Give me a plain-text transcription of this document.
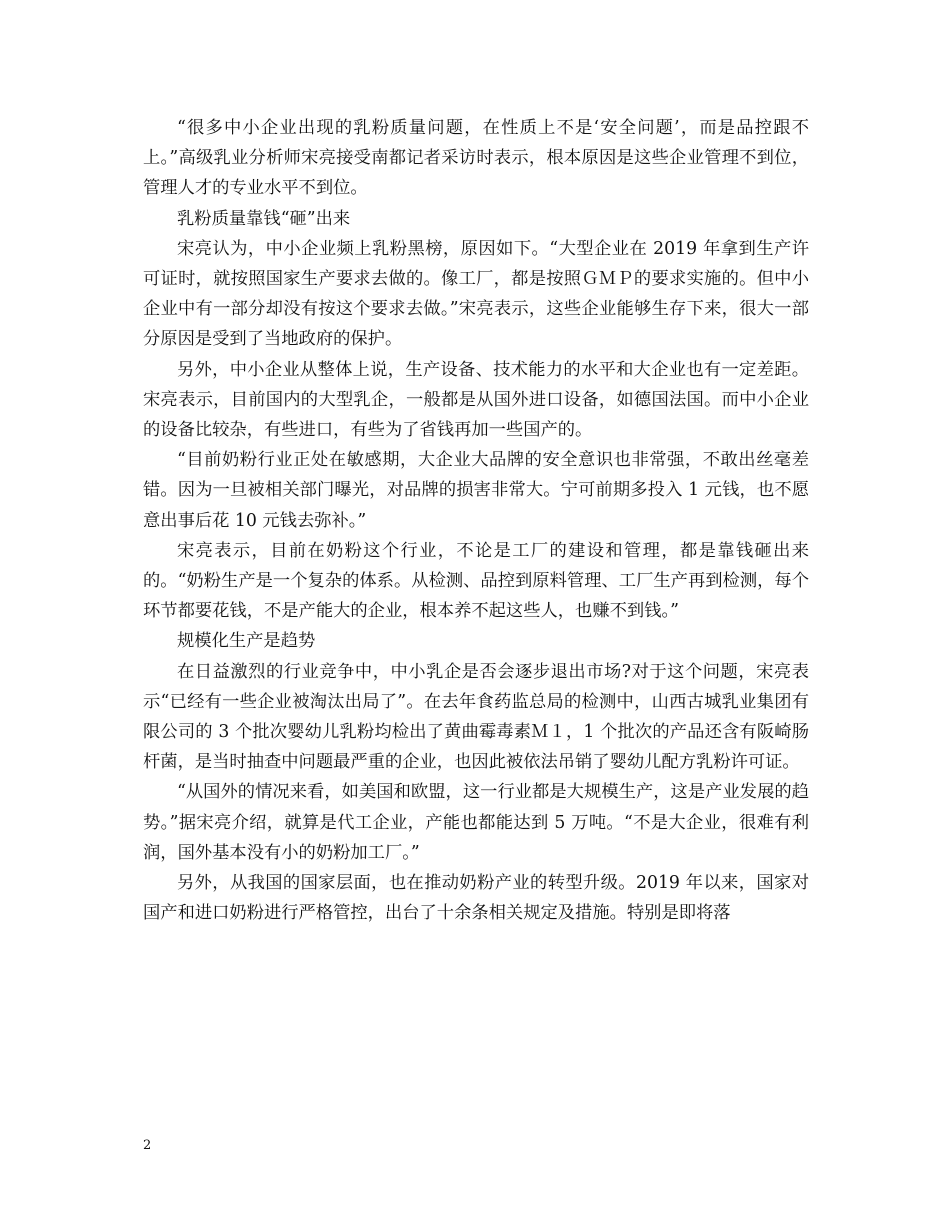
“很多中小企业出现的乳粉质量问题，在性质上不是‘安全问题’，而是品控跟不上。”高级乳业分析师宋亮接受南都记者采访时表示，根本原因是这些企业管理不到位，管理人才的专业水平不到位。

乳粉质量靠钱“砸”出来

宋亮认为，中小企业频上乳粉黑榜，原因如下。“大型企业在 2019 年拿到生产许可证时，就按照国家生产要求去做的。像工厂，都是按照ＧＭＰ的要求实施的。但中小企业中有一部分却没有按这个要求去做。”宋亮表示，这些企业能够生存下来，很大一部分原因是受到了当地政府的保护。

另外，中小企业从整体上说，生产设备、技术能力的水平和大企业也有一定差距。宋亮表示，目前国内的大型乳企，一般都是从国外进口设备，如德国法国。而中小企业的设备比较杂，有些进口，有些为了省钱再加一些国产的。

“目前奶粉行业正处在敏感期，大企业大品牌的安全意识也非常强，不敢出丝毫差错。因为一旦被相关部门曝光，对品牌的损害非常大。宁可前期多投入 1 元钱，也不愿意出事后花 10 元钱去弥补。”

宋亮表示，目前在奶粉这个行业，不论是工厂的建设和管理，都是靠钱砸出来的。“奶粉生产是一个复杂的体系。从检测、品控到原料管理、工厂生产再到检测，每个环节都要花钱，不是产能大的企业，根本养不起这些人，也赚不到钱。”

规模化生产是趋势

在日益激烈的行业竞争中，中小乳企是否会逐步退出市场?对于这个问题，宋亮表示“已经有一些企业被淘汰出局了”。在去年食药监总局的检测中，山西古城乳业集团有限公司的 3 个批次婴幼儿乳粉均检出了黄曲霉毒素Ｍ１，1 个批次的产品还含有阪崎肠杆菌，是当时抽查中问题最严重的企业，也因此被依法吊销了婴幼儿配方乳粉许可证。

“从国外的情况来看，如美国和欧盟，这一行业都是大规模生产，这是产业发展的趋势。”据宋亮介绍，就算是代工企业，产能也都能达到 5 万吨。“不是大企业，很难有利润，国外基本没有小的奶粉加工厂。”

另外，从我国的国家层面，也在推动奶粉产业的转型升级。2019 年以来，国家对国产和进口奶粉进行严格管控，出台了十余条相关规定及措施。特别是即将落

2
